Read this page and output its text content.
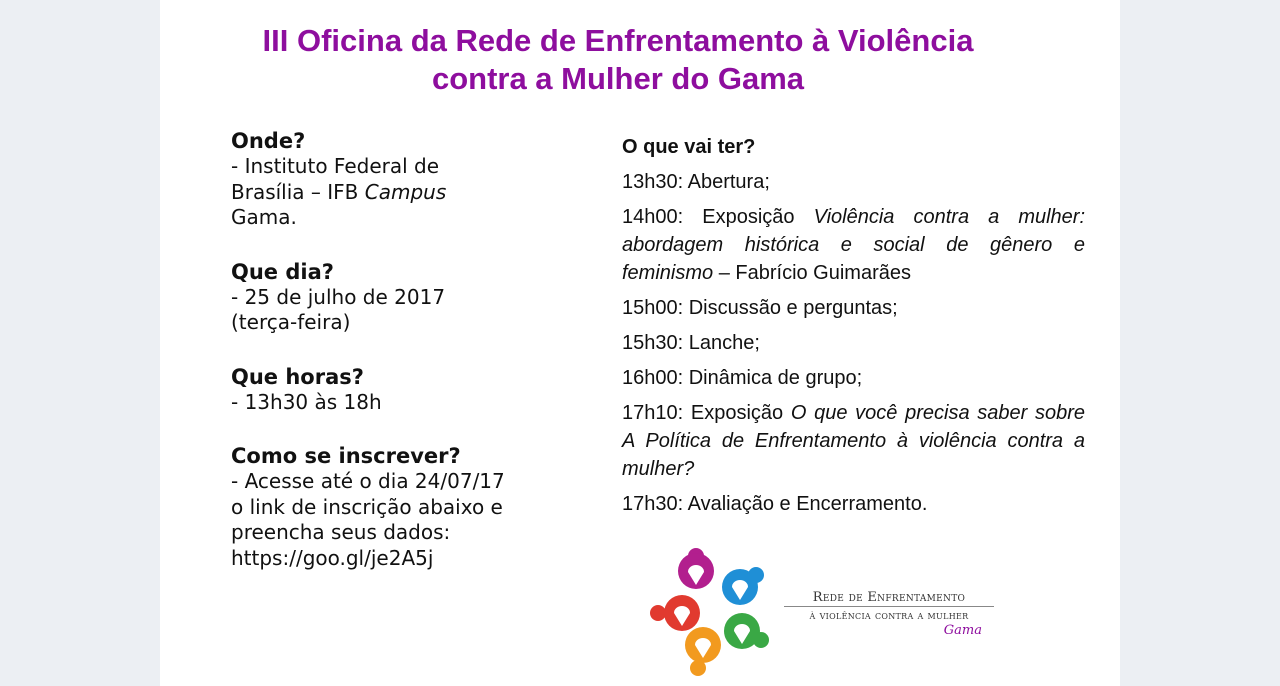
III Oficina da Rede de Enfrentamento à Violência
contra a Mulher do Gama
Onde?
- Instituto Federal de
Brasília – IFB Campus
Gama.
Que dia?
- 25 de julho de 2017
(terça-feira)
Que horas?
- 13h30 às 18h
Como se inscrever?
- Acesse até o dia 24/07/17
o link de inscrição abaixo e
preencha seus dados:
https://goo.gl/je2A5j
O que vai ter?
13h30: Abertura;
14h00: Exposição Violência contra a mulher: abordagem histórica e social de gênero e feminismo – Fabrício Guimarães
15h00: Discussão e perguntas;
15h30: Lanche;
16h00: Dinâmica de grupo;
17h10: Exposição O que você precisa saber sobre A Política de Enfrentamento à violência contra a mulher?
17h30: Avaliação e Encerramento.
Rede de Enfrentamento
à violência contra a mulher
Gama
